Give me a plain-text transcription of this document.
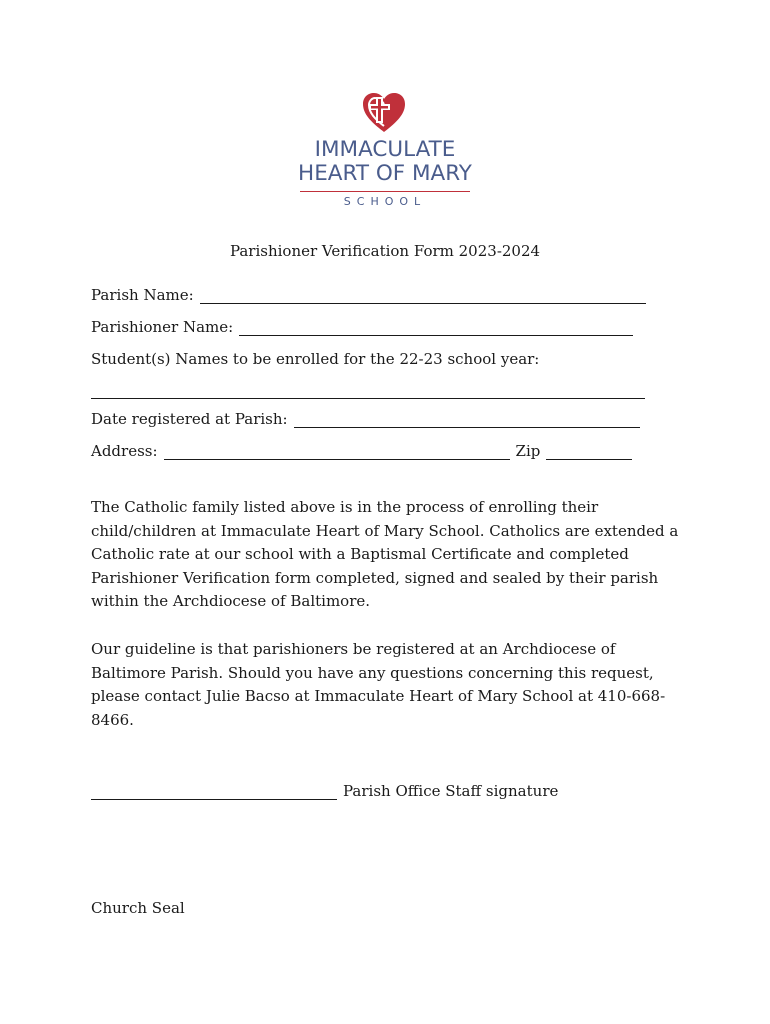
IMMACULATE
HEART OF MARY
SCHOOL
Parishioner Verification Form 2023-2024
Parish Name:
Parishioner Name:
Student(s) Names to be enrolled for the 22-23 school year:
Date registered at Parish:
Address:	Zip
The Catholic family listed above is in the process of enrolling their child/children at Immaculate Heart of Mary School. Catholics are extended a Catholic rate at our school with a Baptismal Certificate and completed Parishioner Verification form completed, signed and sealed by their parish within the Archdiocese of Baltimore.
Our guideline is that parishioners be registered at an Archdiocese of Baltimore Parish. Should you have any questions concerning this request, please contact Julie Bacso at Immaculate Heart of Mary School at 410-668-8466.
Parish Office Staff signature
Church Seal
